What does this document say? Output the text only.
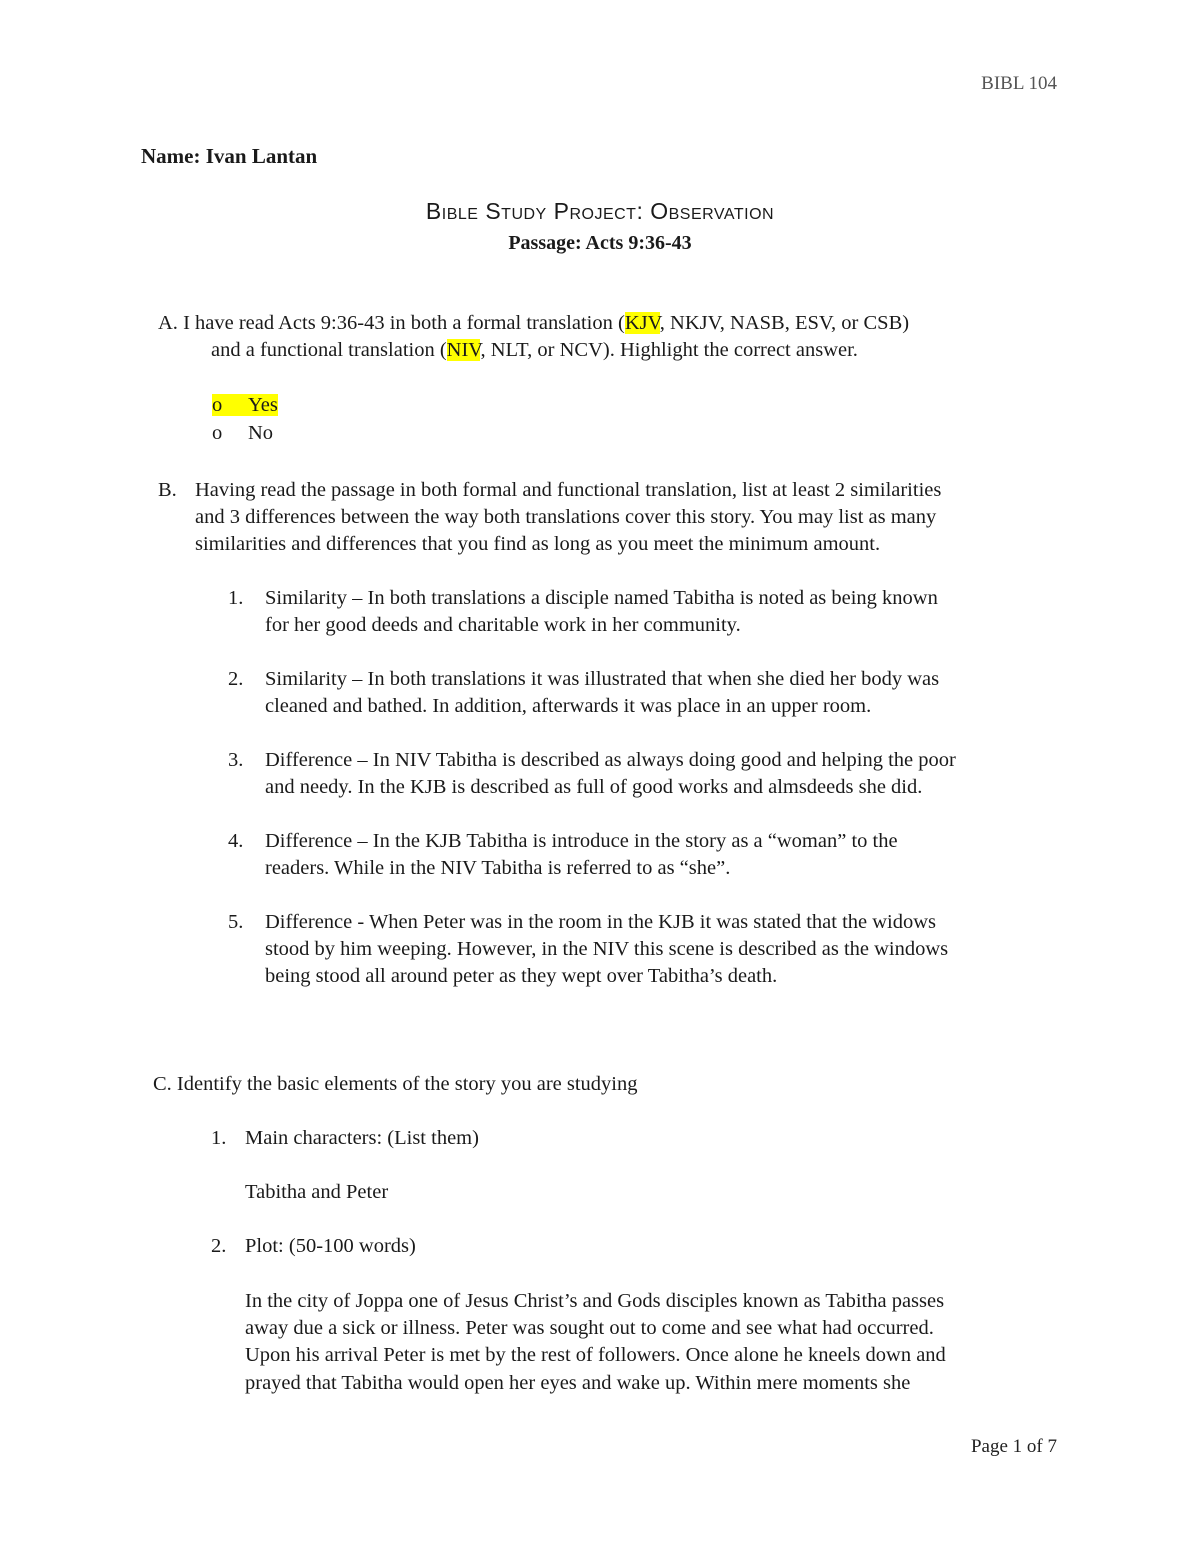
BIBL 104
Name: Ivan Lantan
Bible Study Project: Observation
Passage: Acts 9:36-43
A. I have read Acts 9:36-43 in both a formal translation (KJV, NKJV, NASB, ESV, or CSB)
and a functional translation (NIV, NLT, or NCV). Highlight the correct answer.
o Yes
o No
B. Having read the passage in both formal and functional translation, list at least 2 similarities
and 3 differences between the way both translations cover this story. You may list as many
similarities and differences that you find as long as you meet the minimum amount.
1. Similarity – In both translations a disciple named Tabitha is noted as being known
for her good deeds and charitable work in her community.
2. Similarity – In both translations it was illustrated that when she died her body was
cleaned and bathed. In addition, afterwards it was place in an upper room.
3. Difference – In NIV Tabitha is described as always doing good and helping the poor
and needy. In the KJB is described as full of good works and almsdeeds she did.
4. Difference – In the KJB Tabitha is introduce in the story as a “woman” to the
readers. While in the NIV Tabitha is referred to as “she”.
5. Difference - When Peter was in the room in the KJB it was stated that the widows
stood by him weeping. However, in the NIV this scene is described as the windows
being stood all around peter as they wept over Tabitha’s death.
C. Identify the basic elements of the story you are studying
1. Main characters: (List them)
Tabitha and Peter
2. Plot: (50-100 words)
In the city of Joppa one of Jesus Christ’s and Gods disciples known as Tabitha passes
away due a sick or illness. Peter was sought out to come and see what had occurred.
Upon his arrival Peter is met by the rest of followers. Once alone he kneels down and
prayed that Tabitha would open her eyes and wake up. Within mere moments she
Page 1 of 7
